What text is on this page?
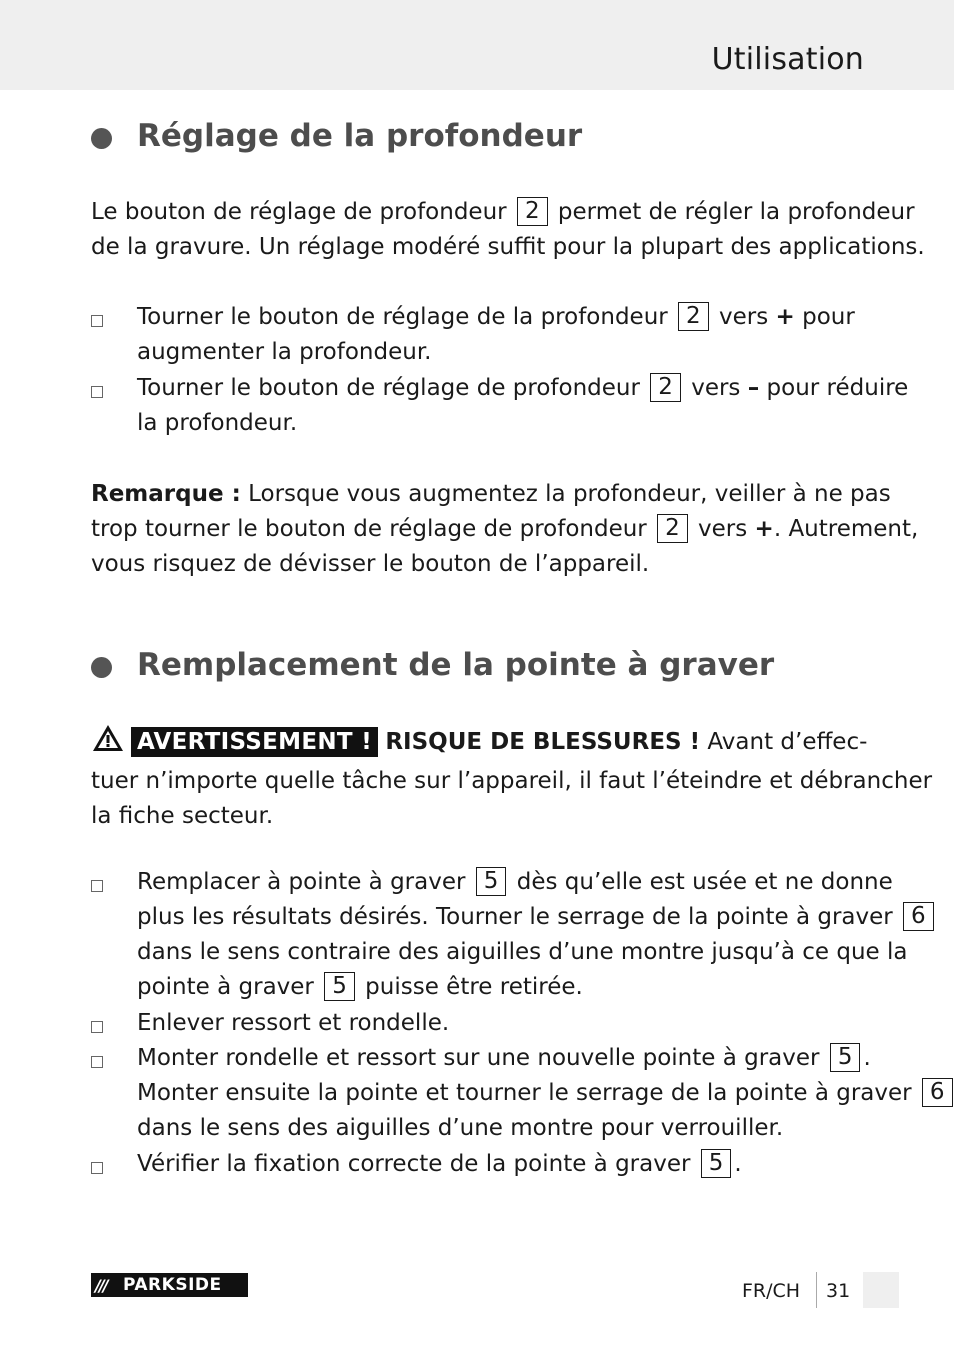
Utilisation
Réglage de la profondeur
Le bouton de réglage de profondeur 2 permet de régler la profondeur
de la gravure. Un réglage modéré suffit pour la plupart des applications.
Tourner le bouton de réglage de la profondeur 2 vers + pour
augmenter la profondeur.
Tourner le bouton de réglage de profondeur 2 vers – pour réduire
la profondeur.
Remarque : Lorsque vous augmentez la profondeur, veiller à ne pas
trop tourner le bouton de réglage de profondeur 2 vers +. Autrement,
vous risquez de dévisser le bouton de l’appareil.
Remplacement de la pointe à graver
AVERTISSEMENT ! RISQUE DE BLESSURES ! Avant d’effec-
tuer n’importe quelle tâche sur l’appareil, il faut l’éteindre et débrancher
la fiche secteur.
Remplacer à pointe à graver 5 dès qu’elle est usée et ne donne
plus les résultats désirés. Tourner le serrage de la pointe à graver 6
dans le sens contraire des aiguilles d’une montre jusqu’à ce que la
pointe à graver 5 puisse être retirée.
Enlever ressort et rondelle.
Monter rondelle et ressort sur une nouvelle pointe à graver 5 .
Monter ensuite la pointe et tourner le serrage de la pointe à graver 6
dans le sens des aiguilles d’une montre pour verrouiller.
Vérifier la fixation correcte de la pointe à graver 5 .
/// PARKSIDE	FR/CH 31
